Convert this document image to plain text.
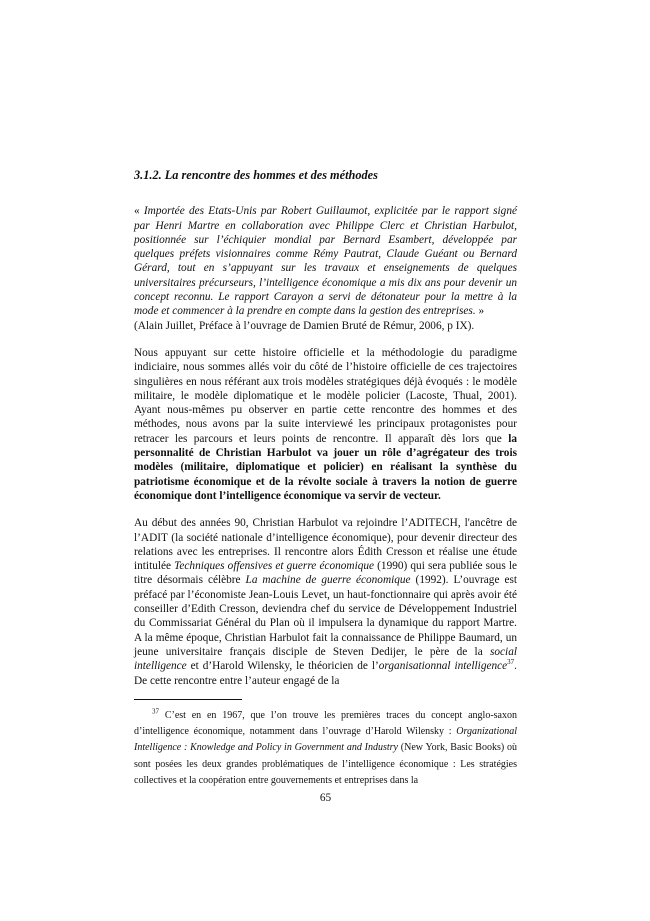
3.1.2. La rencontre des hommes et des méthodes

« Importée des Etats-Unis par Robert Guillaumot, explicitée par le rapport signé par Henri Martre en collaboration avec Philippe Clerc et Christian Harbulot, positionnée sur l’échiquier mondial par Bernard Esambert, développée par quelques préfets visionnaires comme Rémy Pautrat, Claude Guéant ou Bernard Gérard, tout en s’appuyant sur les travaux et enseignements de quelques universitaires précurseurs, l’intelligence économique a mis dix ans pour devenir un concept reconnu. Le rapport Carayon a servi de détonateur pour la mettre à la mode et commencer à la prendre en compte dans la gestion des entreprises. »
(Alain Juillet, Préface à l’ouvrage de Damien Bruté de Rémur, 2006, p IX).

Nous appuyant sur cette histoire officielle et la méthodologie du paradigme indiciaire, nous sommes allés voir du côté de l’histoire officielle de ces trajectoires singulières en nous référant aux trois modèles stratégiques déjà évoqués : le modèle militaire, le modèle diplomatique et le modèle policier (Lacoste, Thual, 2001). Ayant nous-mêmes pu observer en partie cette rencontre des hommes et des méthodes, nous avons par la suite interviewé les principaux protagonistes pour retracer les parcours et leurs points de rencontre. Il apparaît dès lors que la personnalité de Christian Harbulot va jouer un rôle d’agrégateur des trois modèles (militaire, diplomatique et policier) en réalisant la synthèse du patriotisme économique et de la révolte sociale à travers la notion de guerre économique dont l’intelligence économique va servir de vecteur.

Au début des années 90, Christian Harbulot va rejoindre l’ADITECH, l'ancêtre de l’ADIT (la société nationale d’intelligence économique), pour devenir directeur des relations avec les entreprises. Il rencontre alors Édith Cresson et réalise une étude intitulée Techniques offensives et guerre économique (1990) qui sera publiée sous le titre désormais célèbre La machine de guerre économique (1992). L’ouvrage est préfacé par l’économiste Jean-Louis Levet, un haut-fonctionnaire qui après avoir été conseiller d’Edith Cresson, deviendra chef du service de Développement Industriel du Commissariat Général du Plan où il impulsera la dynamique du rapport Martre. A la même époque, Christian Harbulot fait la connaissance de Philippe Baumard, un jeune universitaire français disciple de Steven Dedijer, le père de la social intelligence et d’Harold Wilensky, le théoricien de l’organisationnal intelligence$^{37}$. De cette rencontre entre l’auteur engagé de la

$^{37}$ C’est en en 1967, que l’on trouve les premières traces du concept anglo-saxon d’intelligence économique, notamment dans l’ouvrage d’Harold Wilensky : Organizational Intelligence : Knowledge and Policy in Government and Industry (New York, Basic Books) où sont posées les deux grandes problématiques de l’intelligence économique : Les stratégies collectives et la coopération entre gouvernements et entreprises dans la

65
